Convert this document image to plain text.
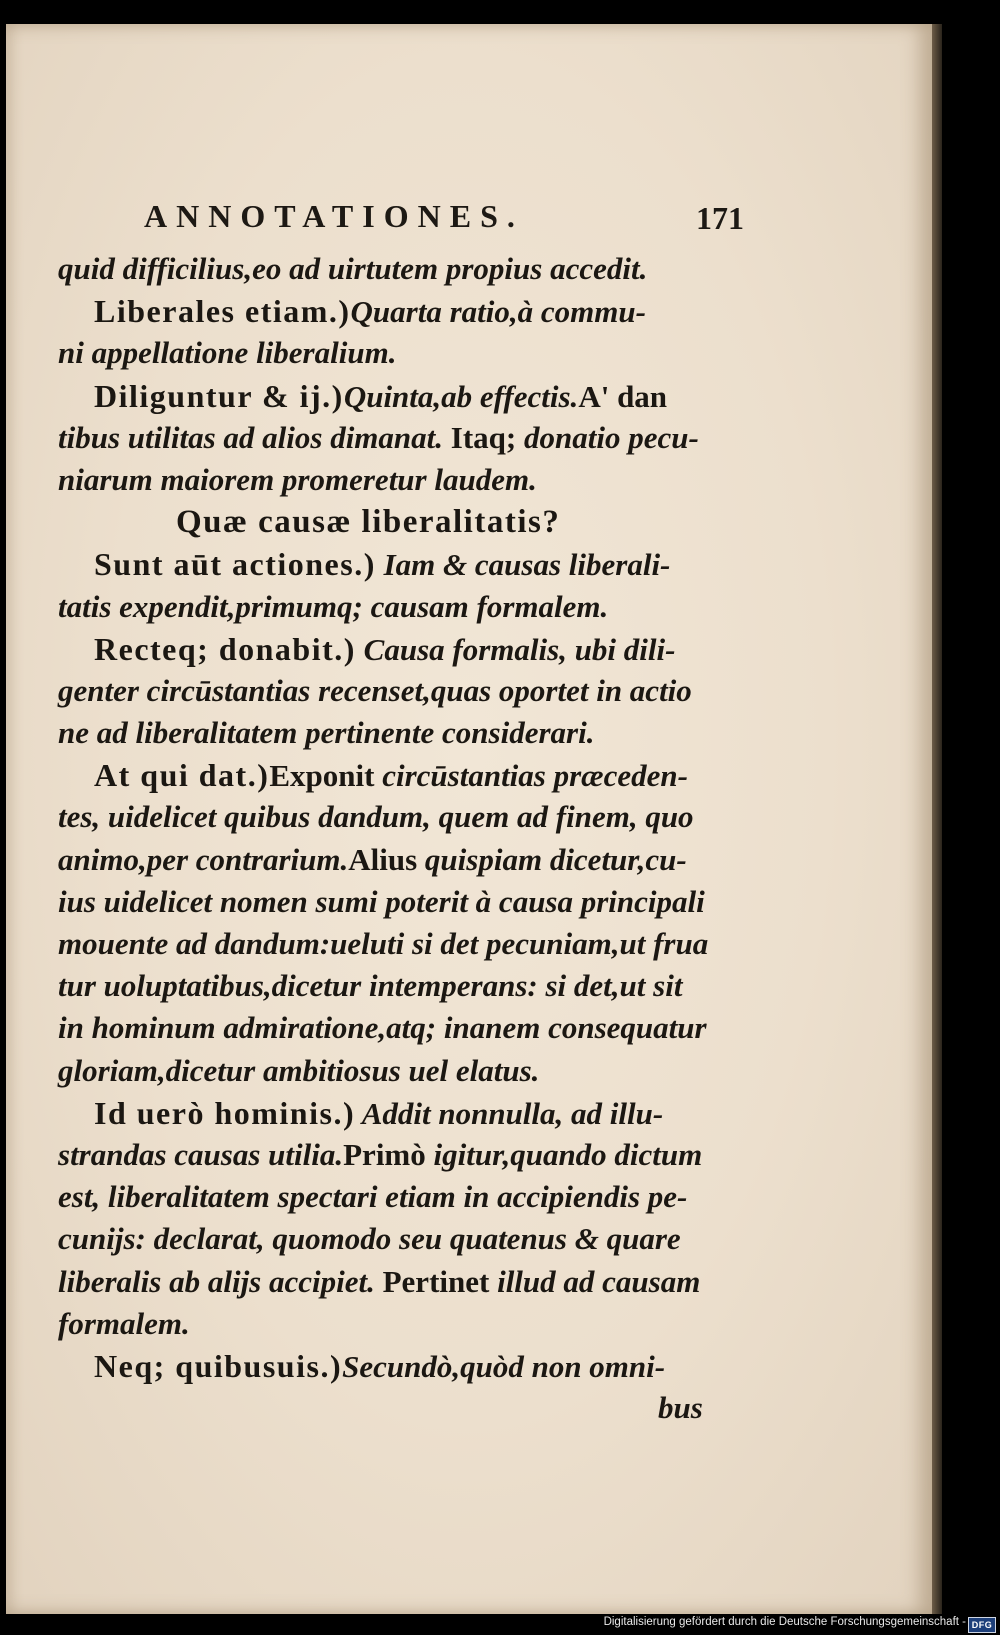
ANNOTATIONES.	171
quid difficilius,eo ad uirtutem propius accedit.
Liberales etiam.)Quarta ratio,à commu-
ni appellatione liberalium.
Diliguntur & ij.)Quinta,ab effectis.A' dan
tibus utilitas ad alios dimanat. Itaq; donatio pecu-
niarum maiorem promeretur laudem.
Quæ causæ liberalitatis?
Sunt aūt actiones.) Iam & causas liberali-
tatis expendit,primumq; causam formalem.
Recteq; donabit.) Causa formalis, ubi dili-
genter circūstantias recenset,quas oportet in actio
ne ad liberalitatem pertinente considerari.
At qui dat.)Exponit circūstantias præceden-
tes, uidelicet quibus dandum, quem ad finem, quo
animo,per contrarium.Alius quispiam dicetur,cu-
ius uidelicet nomen sumi poterit à causa principali
mouente ad dandum:ueluti si det pecuniam,ut frua
tur uoluptatibus,dicetur intemperans: si det,ut sit
in hominum admiratione,atq; inanem consequatur
gloriam,dicetur ambitiosus uel elatus.
Id uerò hominis.) Addit nonnulla, ad illu-
strandas causas utilia.Primò igitur,quando dictum
est, liberalitatem spectari etiam in accipiendis pe-
cunijs: declarat, quomodo seu quatenus & quare
liberalis ab alijs accipiet. Pertinet illud ad causam
formalem.
Neq; quibusuis.)Secundò,quòd non omni-
bus
Digitalisierung gefördert durch die Deutsche Forschungsgemeinschaft - DFG
